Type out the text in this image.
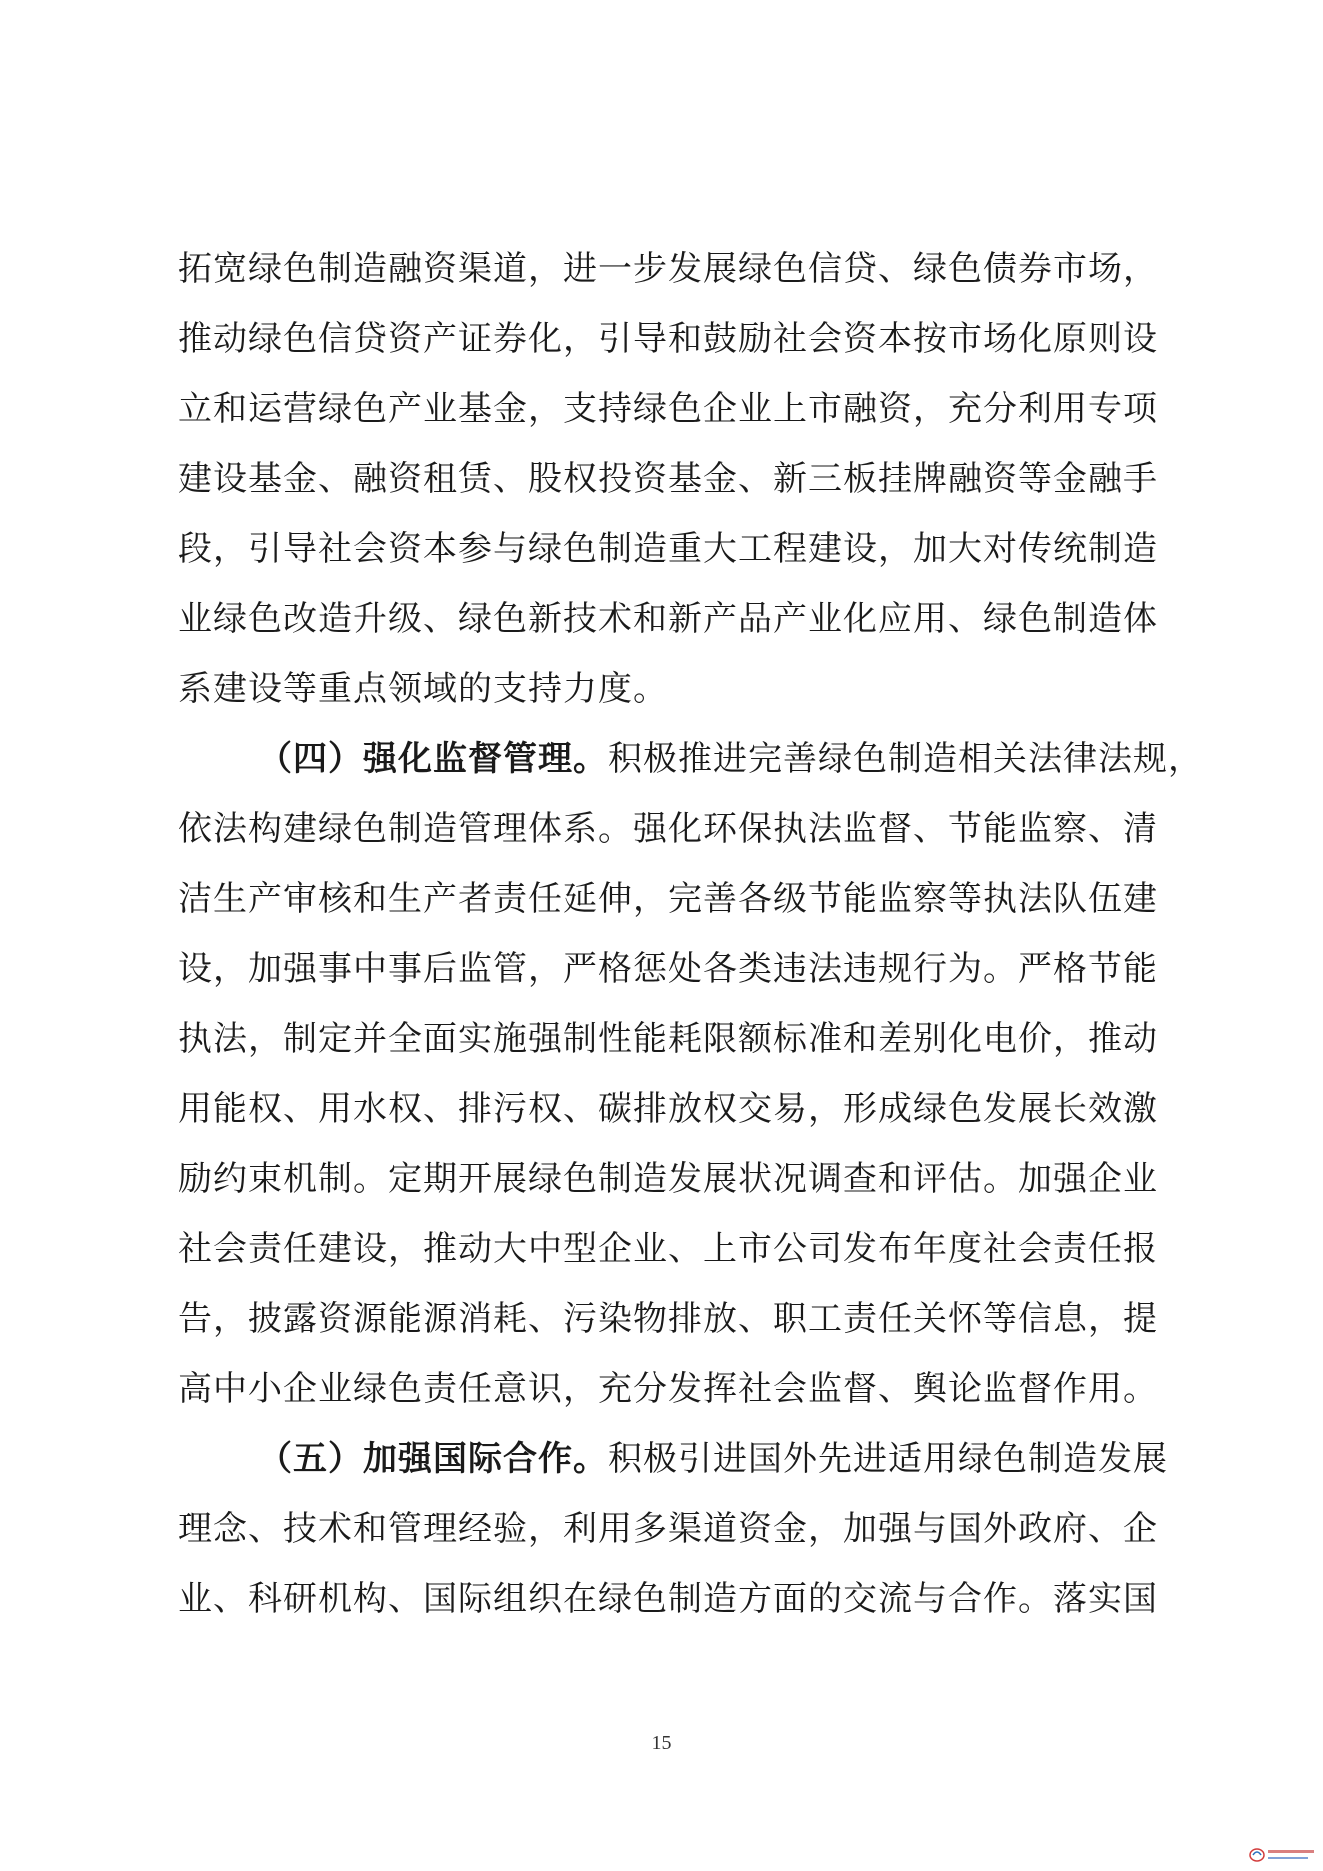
拓宽绿色制造融资渠道，进一步发展绿色信贷、绿色债券市场，
推动绿色信贷资产证券化，引导和鼓励社会资本按市场化原则设
立和运营绿色产业基金，支持绿色企业上市融资，充分利用专项
建设基金、融资租赁、股权投资基金、新三板挂牌融资等金融手
段，引导社会资本参与绿色制造重大工程建设，加大对传统制造
业绿色改造升级、绿色新技术和新产品产业化应用、绿色制造体
系建设等重点领域的支持力度。
（四）强化监督管理。积极推进完善绿色制造相关法律法规，
依法构建绿色制造管理体系。强化环保执法监督、节能监察、清
洁生产审核和生产者责任延伸，完善各级节能监察等执法队伍建
设，加强事中事后监管，严格惩处各类违法违规行为。严格节能
执法，制定并全面实施强制性能耗限额标准和差别化电价，推动
用能权、用水权、排污权、碳排放权交易，形成绿色发展长效激
励约束机制。定期开展绿色制造发展状况调查和评估。加强企业
社会责任建设，推动大中型企业、上市公司发布年度社会责任报
告，披露资源能源消耗、污染物排放、职工责任关怀等信息，提
高中小企业绿色责任意识，充分发挥社会监督、舆论监督作用。
（五）加强国际合作。积极引进国外先进适用绿色制造发展
理念、技术和管理经验，利用多渠道资金，加强与国外政府、企
业、科研机构、国际组织在绿色制造方面的交流与合作。落实国
15
